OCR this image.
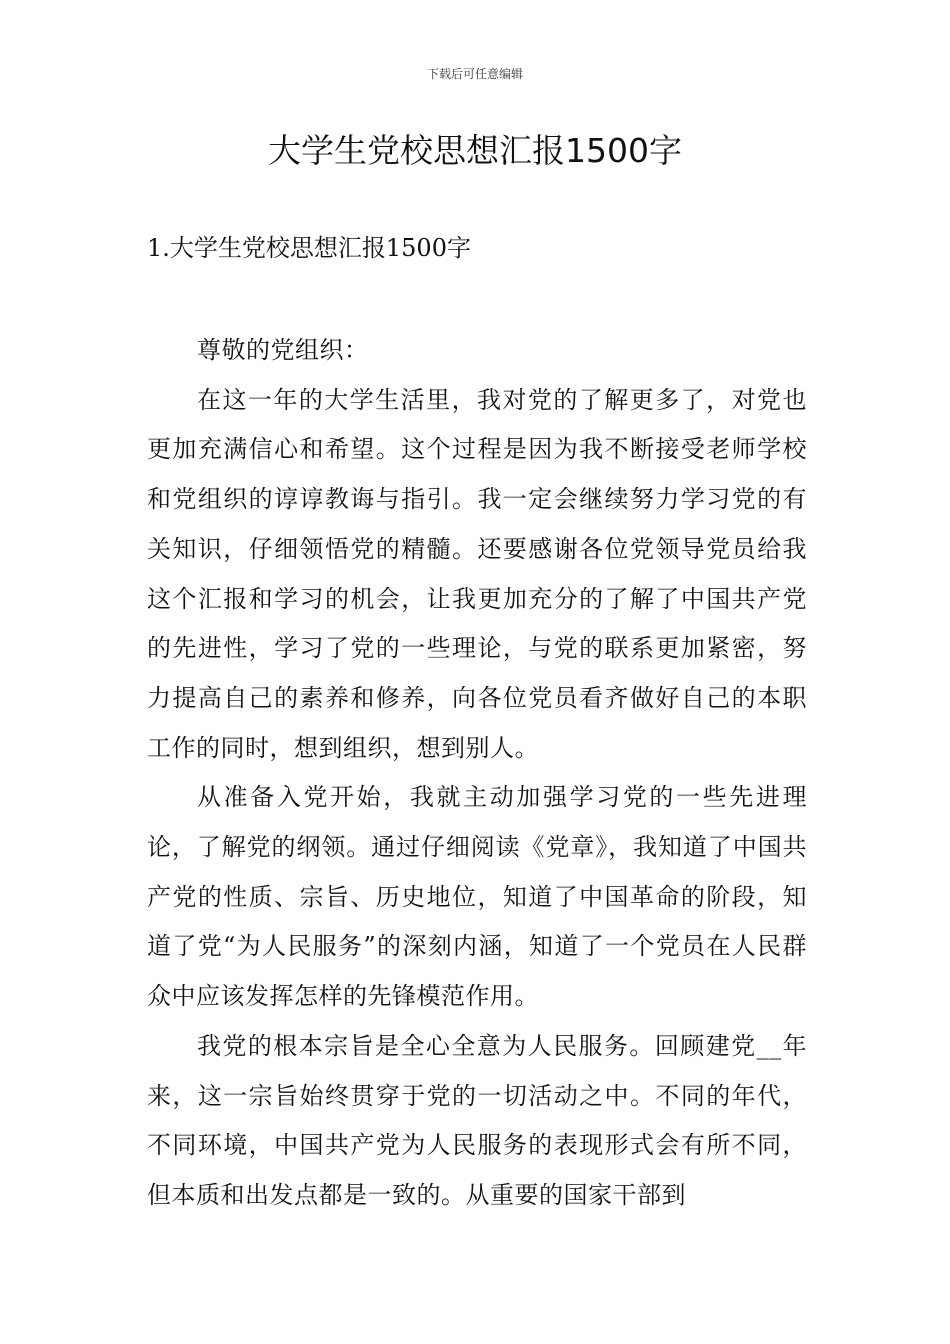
下载后可任意编辑
大学生党校思想汇报1500字
1.大学生党校思想汇报1500字

尊敬的党组织：

在这一年的大学生活里，我对党的了解更多了，对党也更加充满信心和希望。这个过程是因为我不断接受老师学校和党组织的谆谆教诲与指引。我一定会继续努力学习党的有关知识，仔细领悟党的精髓。还要感谢各位党领导党员给我这个汇报和学习的机会，让我更加充分的了解了中国共产党的先进性，学习了党的一些理论，与党的联系更加紧密，努力提高自己的素养和修养，向各位党员看齐做好自己的本职工作的同时，想到组织，想到别人。

从准备入党开始，我就主动加强学习党的一些先进理论，了解党的纲领。通过仔细阅读《党章》，我知道了中国共产党的性质、宗旨、历史地位，知道了中国革命的阶段，知道了党“为人民服务”的深刻内涵，知道了一个党员在人民群众中应该发挥怎样的先锋模范作用。

我党的根本宗旨是全心全意为人民服务。回顾建党__年来，这一宗旨始终贯穿于党的一切活动之中。不同的年代，不同环境，中国共产党为人民服务的表现形式会有所不同，但本质和出发点都是一致的。从重要的国家干部到
